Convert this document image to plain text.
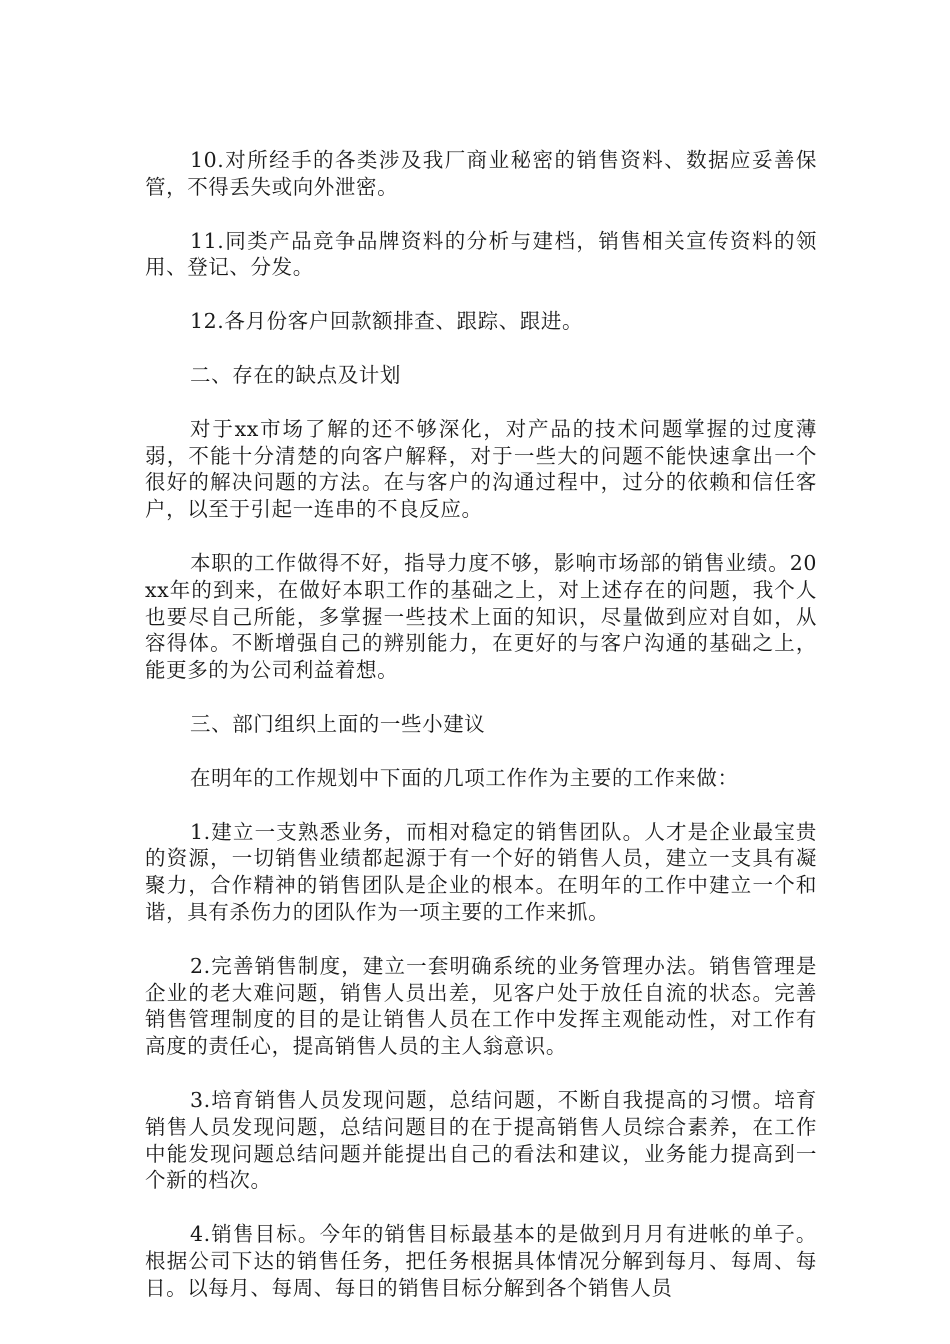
10.对所经手的各类涉及我厂商业秘密的销售资料、数据应妥善保管，不得丢失或向外泄密。

11.同类产品竞争品牌资料的分析与建档，销售相关宣传资料的领用、登记、分发。

12.各月份客户回款额排查、跟踪、跟进。

二、存在的缺点及计划

对于xx市场了解的还不够深化，对产品的技术问题掌握的过度薄弱，不能十分清楚的向客户解释，对于一些大的问题不能快速拿出一个很好的解决问题的方法。在与客户的沟通过程中，过分的依赖和信任客户，以至于引起一连串的不良反应。

本职的工作做得不好，指导力度不够，影响市场部的销售业绩。20xx年的到来，在做好本职工作的基础之上，对上述存在的问题，我个人也要尽自己所能，多掌握一些技术上面的知识，尽量做到应对自如，从容得体。不断增强自己的辨别能力，在更好的与客户沟通的基础之上，能更多的为公司利益着想。

三、部门组织上面的一些小建议

在明年的工作规划中下面的几项工作作为主要的工作来做：

1.建立一支熟悉业务，而相对稳定的销售团队。人才是企业最宝贵的资源，一切销售业绩都起源于有一个好的销售人员，建立一支具有凝聚力，合作精神的销售团队是企业的根本。在明年的工作中建立一个和谐，具有杀伤力的团队作为一项主要的工作来抓。

2.完善销售制度，建立一套明确系统的业务管理办法。销售管理是企业的老大难问题，销售人员出差，见客户处于放任自流的状态。完善销售管理制度的目的是让销售人员在工作中发挥主观能动性，对工作有高度的责任心，提高销售人员的主人翁意识。

3.培育销售人员发现问题，总结问题，不断自我提高的习惯。培育销售人员发现问题，总结问题目的在于提高销售人员综合素养，在工作中能发现问题总结问题并能提出自己的看法和建议，业务能力提高到一个新的档次。

4.销售目标。今年的销售目标最基本的是做到月月有进帐的单子。根据公司下达的销售任务，把任务根据具体情况分解到每月、每周、每日。以每月、每周、每日的销售目标分解到各个销售人员
